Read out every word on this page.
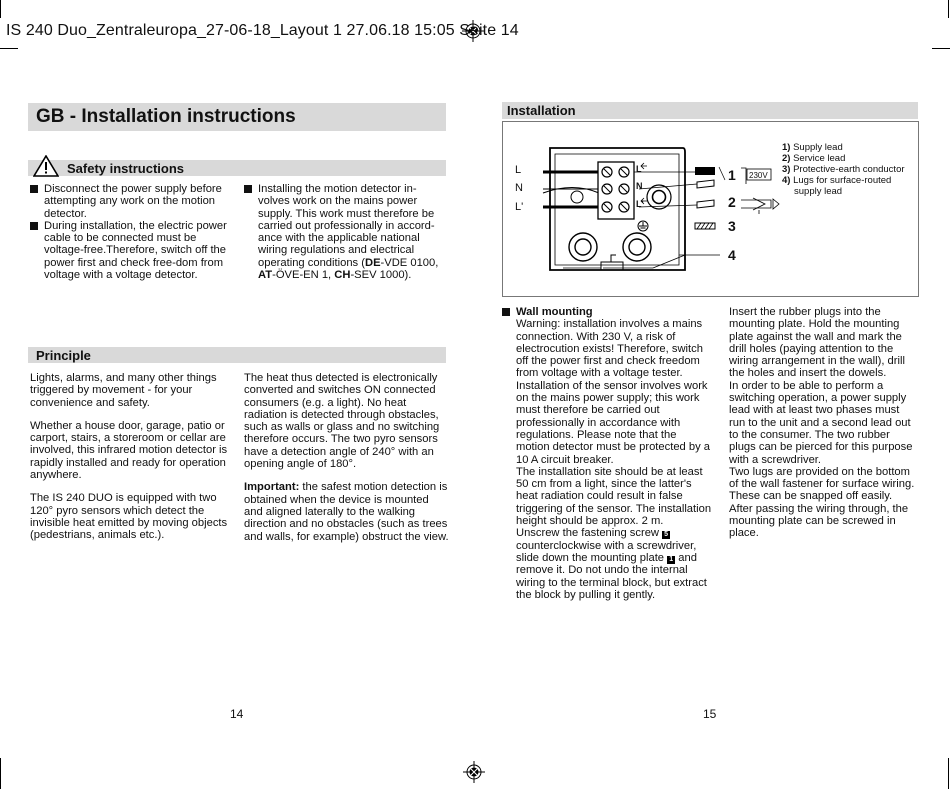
IS 240 Duo_Zentraleuropa_27-06-18_Layout 1 27.06.18 15:05 Seite 14
GB - Installation instructions
Safety instructions
Disconnect the power supply before attempting any work on the motion detector.
During installation, the electric power cable to be connected must be voltage-free.Therefore, switch off the power first and check free-dom from voltage with a voltage detector.
Installing the motion detector in-
volves work on the mains power
supply. This work must therefore be
carried out professionally in accord-
ance with the applicable national
wiring regulations and electrical
operating conditions (DE-VDE 0100,
AT-ÖVE-EN 1, CH-SEV 1000).
Principle

Lights, alarms, and many other things triggered by movement - for your convenience and safety.

Whether a house door, garage, patio or carport, stairs, a storeroom or cellar are involved, this infrared motion detector is rapidly installed and ready for operation anywhere.

The IS 240 DUO is equipped with two 120° pyro sensors which detect the invisible heat emitted by moving objects (pedestrians, animals etc.).

The heat thus detected is electronically converted and switches ON connected consumers (e.g. a light). No heat radiation is detected through obstacles, such as walls or glass and no switching therefore occurs. The two pyro sensors have a detection angle of 240° with an opening angle of 180°.

Important: the safest motion detection is obtained when the device is mounted and aligned laterally to the walking direction and no obstacles (such as trees and walls, for example) obstruct the view.

14
Installation
L
N
L'
L
N
L'
1
2
3
4
230V
1) Supply lead
2) Service lead
3) Protective-earth conductor
4) Lugs for surface-routed supply lead
Wall mounting
Warning: installation involves a mains connection. With 230 V, a risk of electrocution exists! Therefore, switch off the power first and check freedom from voltage with a voltage tester. Installation of the sensor involves work on the mains power supply; this work must therefore be carried out professionally in accordance with regulations. Please note that the motion detector must be protected by a 10 A circuit breaker.
The installation site should be at least 50 cm from a light, since the latter's heat radiation could result in false triggering of the sensor. The installation height should be approx. 2 m.
Unscrew the fastening screw 5 counterclockwise with a screwdriver, slide down the mounting plate 1 and remove it. Do not undo the internal wiring to the terminal block, but extract the block by pulling it gently.
Insert the rubber plugs into the mounting plate. Hold the mounting plate against the wall and mark the drill holes (paying attention to the wiring arrangement in the wall), drill the holes and insert the dowels.
In order to be able to perform a switching operation, a power supply lead with at least two phases must run to the unit and a second lead out to the consumer. The two rubber plugs can be pierced for this purpose with a screwdriver.
Two lugs are provided on the bottom of the wall fastener for surface wiring. These can be snapped off easily. After passing the wiring through, the mounting plate can be screwed in place.
15
